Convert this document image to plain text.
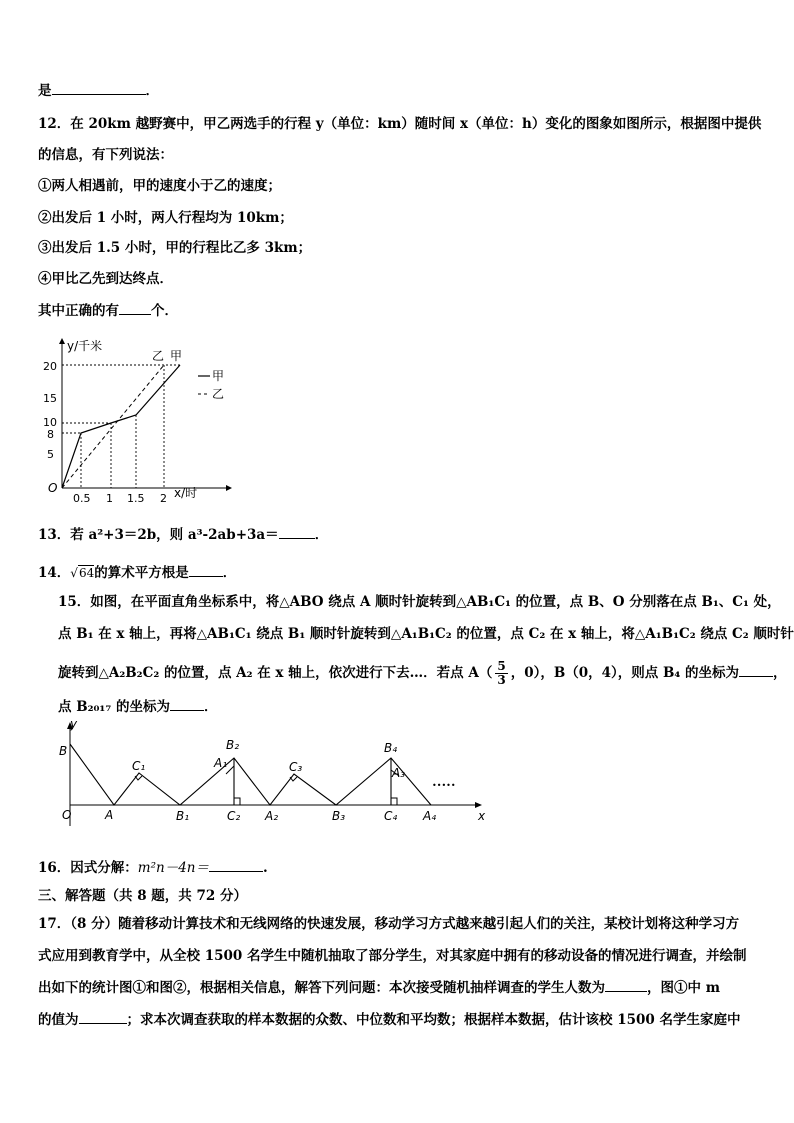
是	．
12．在 20km 越野赛中，甲乙两选手的行程 y（单位：km）随时间 x（单位：h）变化的图象如图所示，根据图中提供
的信息，有下列说法：
①两人相遇前，甲的速度小于乙的速度；
②出发后 1 小时，两人行程均为 10km；
③出发后 1.5 小时，甲的行程比乙多 3km；
④甲比乙先到达终点．
其中正确的有 个．
y/千米
x/时
O
20
15
10
8
5
0.5 1 1.5 2
乙 甲
甲
乙
13．若 a²+3＝2b，则 a³-2ab+3a＝	．
14．√64的算术平方根是	．
15．如图，在平面直角坐标系中，将△ABO 绕点 A 顺时针旋转到△AB₁C₁ 的位置，点 B、O 分别落在点 B₁、C₁ 处，
点 B₁ 在 x 轴上，再将△AB₁C₁ 绕点 B₁ 顺时针旋转到△A₁B₁C₂ 的位置，点 C₂ 在 x 轴上，将△A₁B₁C₂ 绕点 C₂ 顺时针
旋转到△A₂B₂C₂ 的位置，点 A₂ 在 x 轴上，依次进行下去…．若点 $A( \frac{5}{3}$ ，0），B（0，4），则点 B₄ 的坐标为	，
点 B₂₀₁₇ 的坐标为	．
y
x
O
B
A
C₁
B₁
A₁
B₂
C₂ A₂
C₃
B₃
B₄
A₃
C₄ A₄
•••••
16．因式分解：m²n－4n＝	.
三、解答题（共 8 题，共 72 分）
17．（8 分）随着移动计算技术和无线网络的快速发展，移动学习方式越来越引起人们的关注，某校计划将这种学习方
式应用到教育学中，从全校 1500 名学生中随机抽取了部分学生，对其家庭中拥有的移动设备的情况进行调查，并绘制
出如下的统计图①和图②，根据相关信息，解答下列问题：本次接受随机抽样调查的学生人数为	，图①中 m
的值为	；求本次调查获取的样本数据的众数、中位数和平均数；根据样本数据，估计该校 1500 名学生家庭中
